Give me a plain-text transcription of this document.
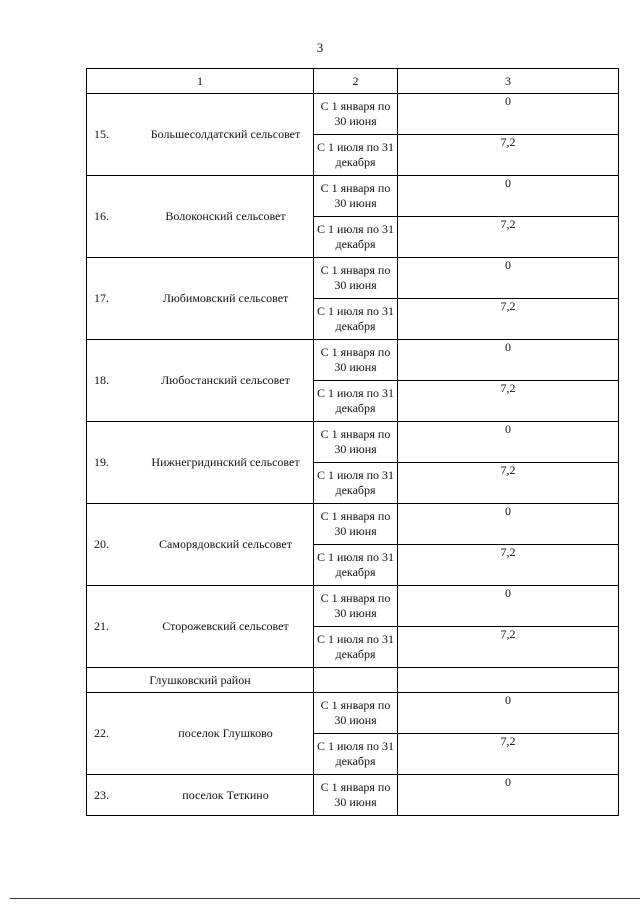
3
1	2	3

15. Большесолдатский сельсовет	С 1 января по 30 июня	0
	С 1 июля по 31 декабря	7,2

16. Волоконский сельсовет	С 1 января по 30 июня	0
	С 1 июля по 31 декабря	7,2

17. Любимовский сельсовет	С 1 января по 30 июня	0
	С 1 июля по 31 декабря	7,2

18. Любостанский сельсовет	С 1 января по 30 июня	0
	С 1 июля по 31 декабря	7,2

19. Нижнегридинский сельсовет	С 1 января по 30 июня	0
	С 1 июля по 31 декабря	7,2

20. Саморядовский сельсовет	С 1 января по 30 июня	0
	С 1 июля по 31 декабря	7,2

21. Сторожевский сельсовет	С 1 января по 30 июня	0
	С 1 июля по 31 декабря	7,2
Глушковский район		

22. поселок Глушково	С 1 января по 30 июня	0
	С 1 июля по 31 декабря	7,2

23. поселок Теткино	С 1 января по 30 июня	0
